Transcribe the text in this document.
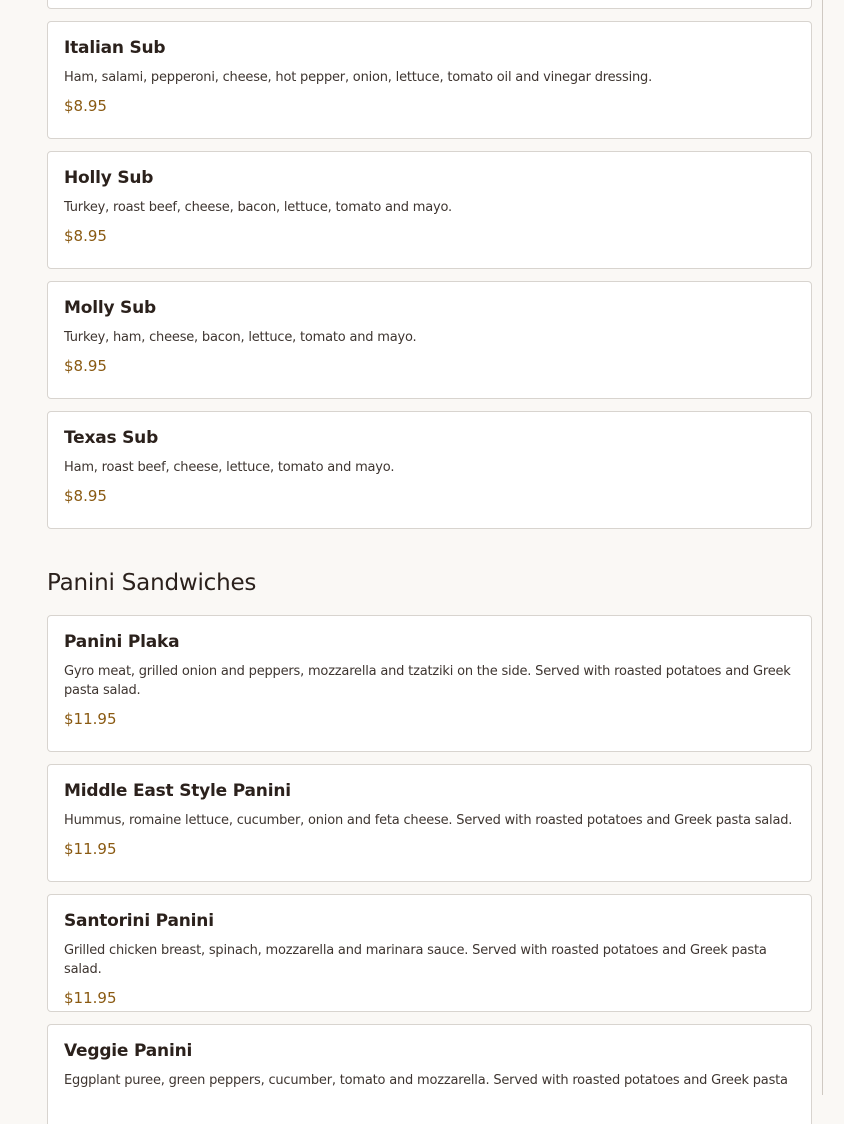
Italian Sub
Ham, salami, pepperoni, cheese, hot pepper, onion, lettuce, tomato oil and vinegar dressing.
$8.95
Holly Sub
Turkey, roast beef, cheese, bacon, lettuce, tomato and mayo.
$8.95
Molly Sub
Turkey, ham, cheese, bacon, lettuce, tomato and mayo.
$8.95
Texas Sub
Ham, roast beef, cheese, lettuce, tomato and mayo.
$8.95
Panini Sandwiches
Panini Plaka
Gyro meat, grilled onion and peppers, mozzarella and tzatziki on the side. Served with roasted potatoes and Greek pasta salad.
$11.95
Middle East Style Panini
Hummus, romaine lettuce, cucumber, onion and feta cheese. Served with roasted potatoes and Greek pasta salad.
$11.95
Santorini Panini
Grilled chicken breast, spinach, mozzarella and marinara sauce. Served with roasted potatoes and Greek pasta salad.
$11.95
Veggie Panini
Eggplant puree, green peppers, cucumber, tomato and mozzarella. Served with roasted potatoes and Greek pasta
